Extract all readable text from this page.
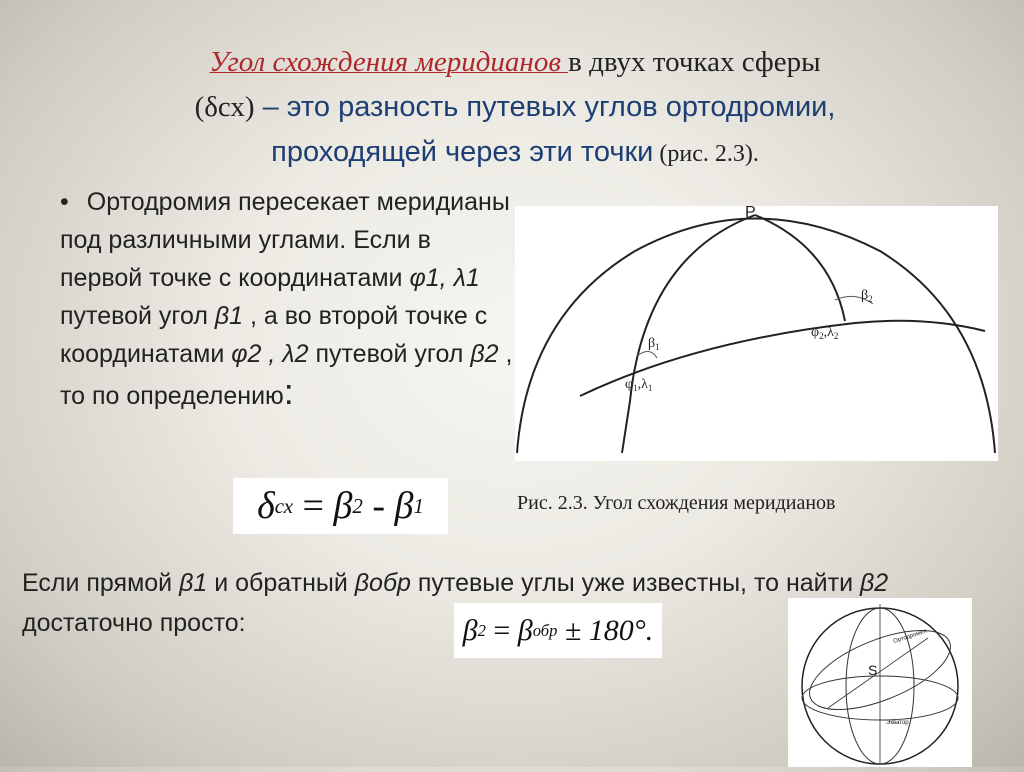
Угол схождения меридианов в двух точках сферы
(δсх) – это разность путевых углов ортодромии,
проходящей через эти точки (рис. 2.3).
• Ортодромия пересекает меридианы под различными углами. Если в первой точке с координатами φ1, λ1 путевой угол β1 , а во второй точке с координатами φ2 , λ2 путевой угол β2 , то по определению:
δ сх = β 2 - β 1
P
$\beta_1$
$\beta_2$
$\varphi_1,\lambda_1$
$\varphi_2,\lambda_2$
Рис. 2.3. Угол схождения меридианов
Если прямой β1 и обратный βобр путевые углы уже известны, то найти β2 достаточно просто:	β 2 = β обр ± 180°.
S
Ортодромия
Экватор
